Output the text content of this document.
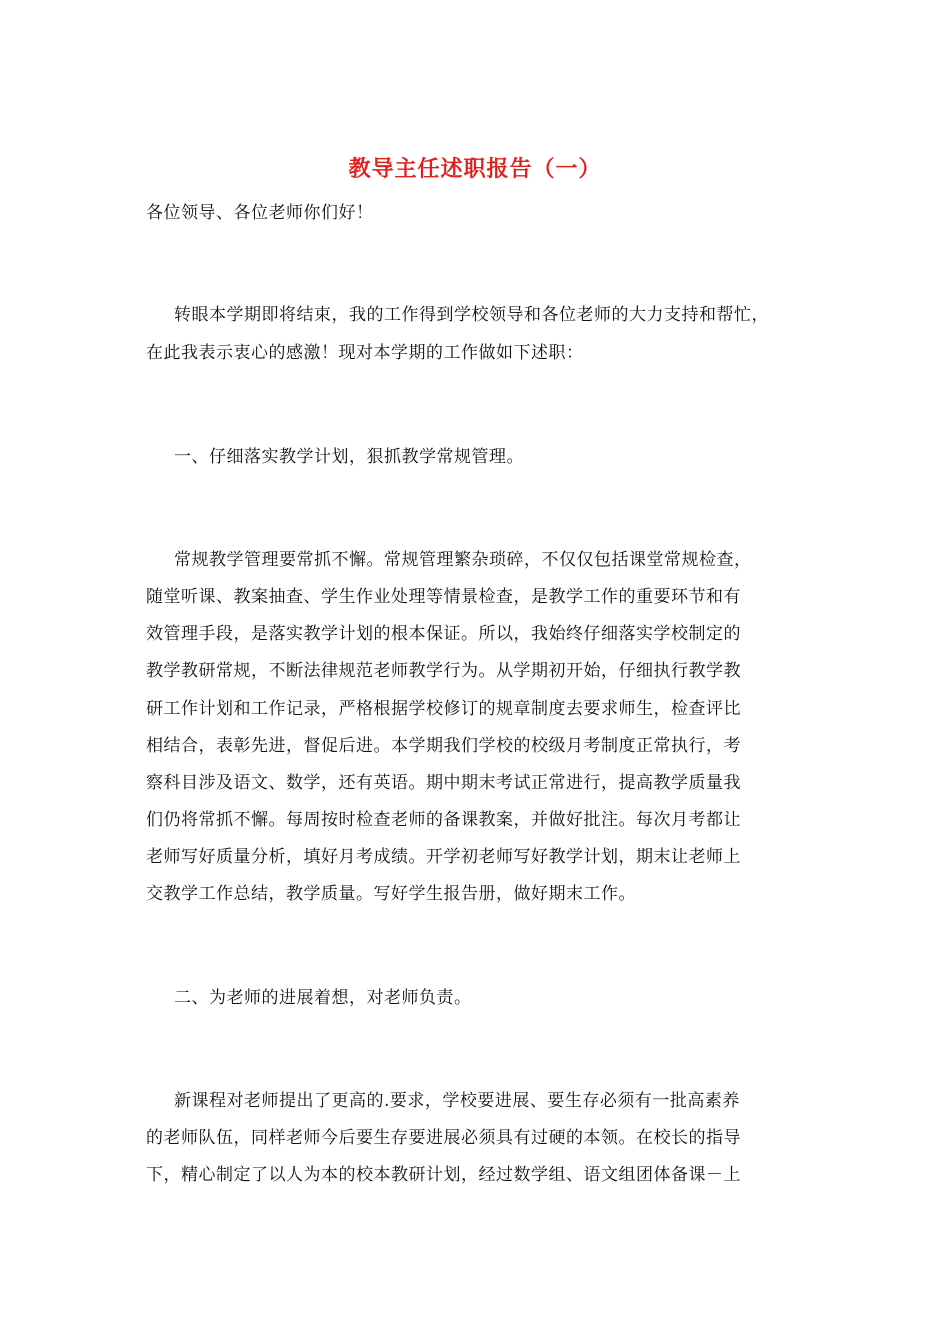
教导主任述职报告（一）
各位领导、各位老师你们好！
转眼本学期即将结束，我的工作得到学校领导和各位老师的大力支持和帮忙，
在此我表示衷心的感激！现对本学期的工作做如下述职：
一、仔细落实教学计划，狠抓教学常规管理。
常规教学管理要常抓不懈。常规管理繁杂琐碎，不仅仅包括课堂常规检查，
随堂听课、教案抽查、学生作业处理等情景检查，是教学工作的重要环节和有
效管理手段，是落实教学计划的根本保证。所以，我始终仔细落实学校制定的
教学教研常规，不断法律规范老师教学行为。从学期初开始，仔细执行教学教
研工作计划和工作记录，严格根据学校修订的规章制度去要求师生，检查评比
相结合，表彰先进，督促后进。本学期我们学校的校级月考制度正常执行，考
察科目涉及语文、数学，还有英语。期中期末考试正常进行，提高教学质量我
们仍将常抓不懈。每周按时检查老师的备课教案，并做好批注。每次月考都让
老师写好质量分析，填好月考成绩。开学初老师写好教学计划，期末让老师上
交教学工作总结，教学质量。写好学生报告册，做好期末工作。
二、为老师的进展着想，对老师负责。
新课程对老师提出了更高的.要求，学校要进展、要生存必须有一批高素养
的老师队伍，同样老师今后要生存要进展必须具有过硬的本领。在校长的指导
下，精心制定了以人为本的校本教研计划，经过数学组、语文组团体备课－上
